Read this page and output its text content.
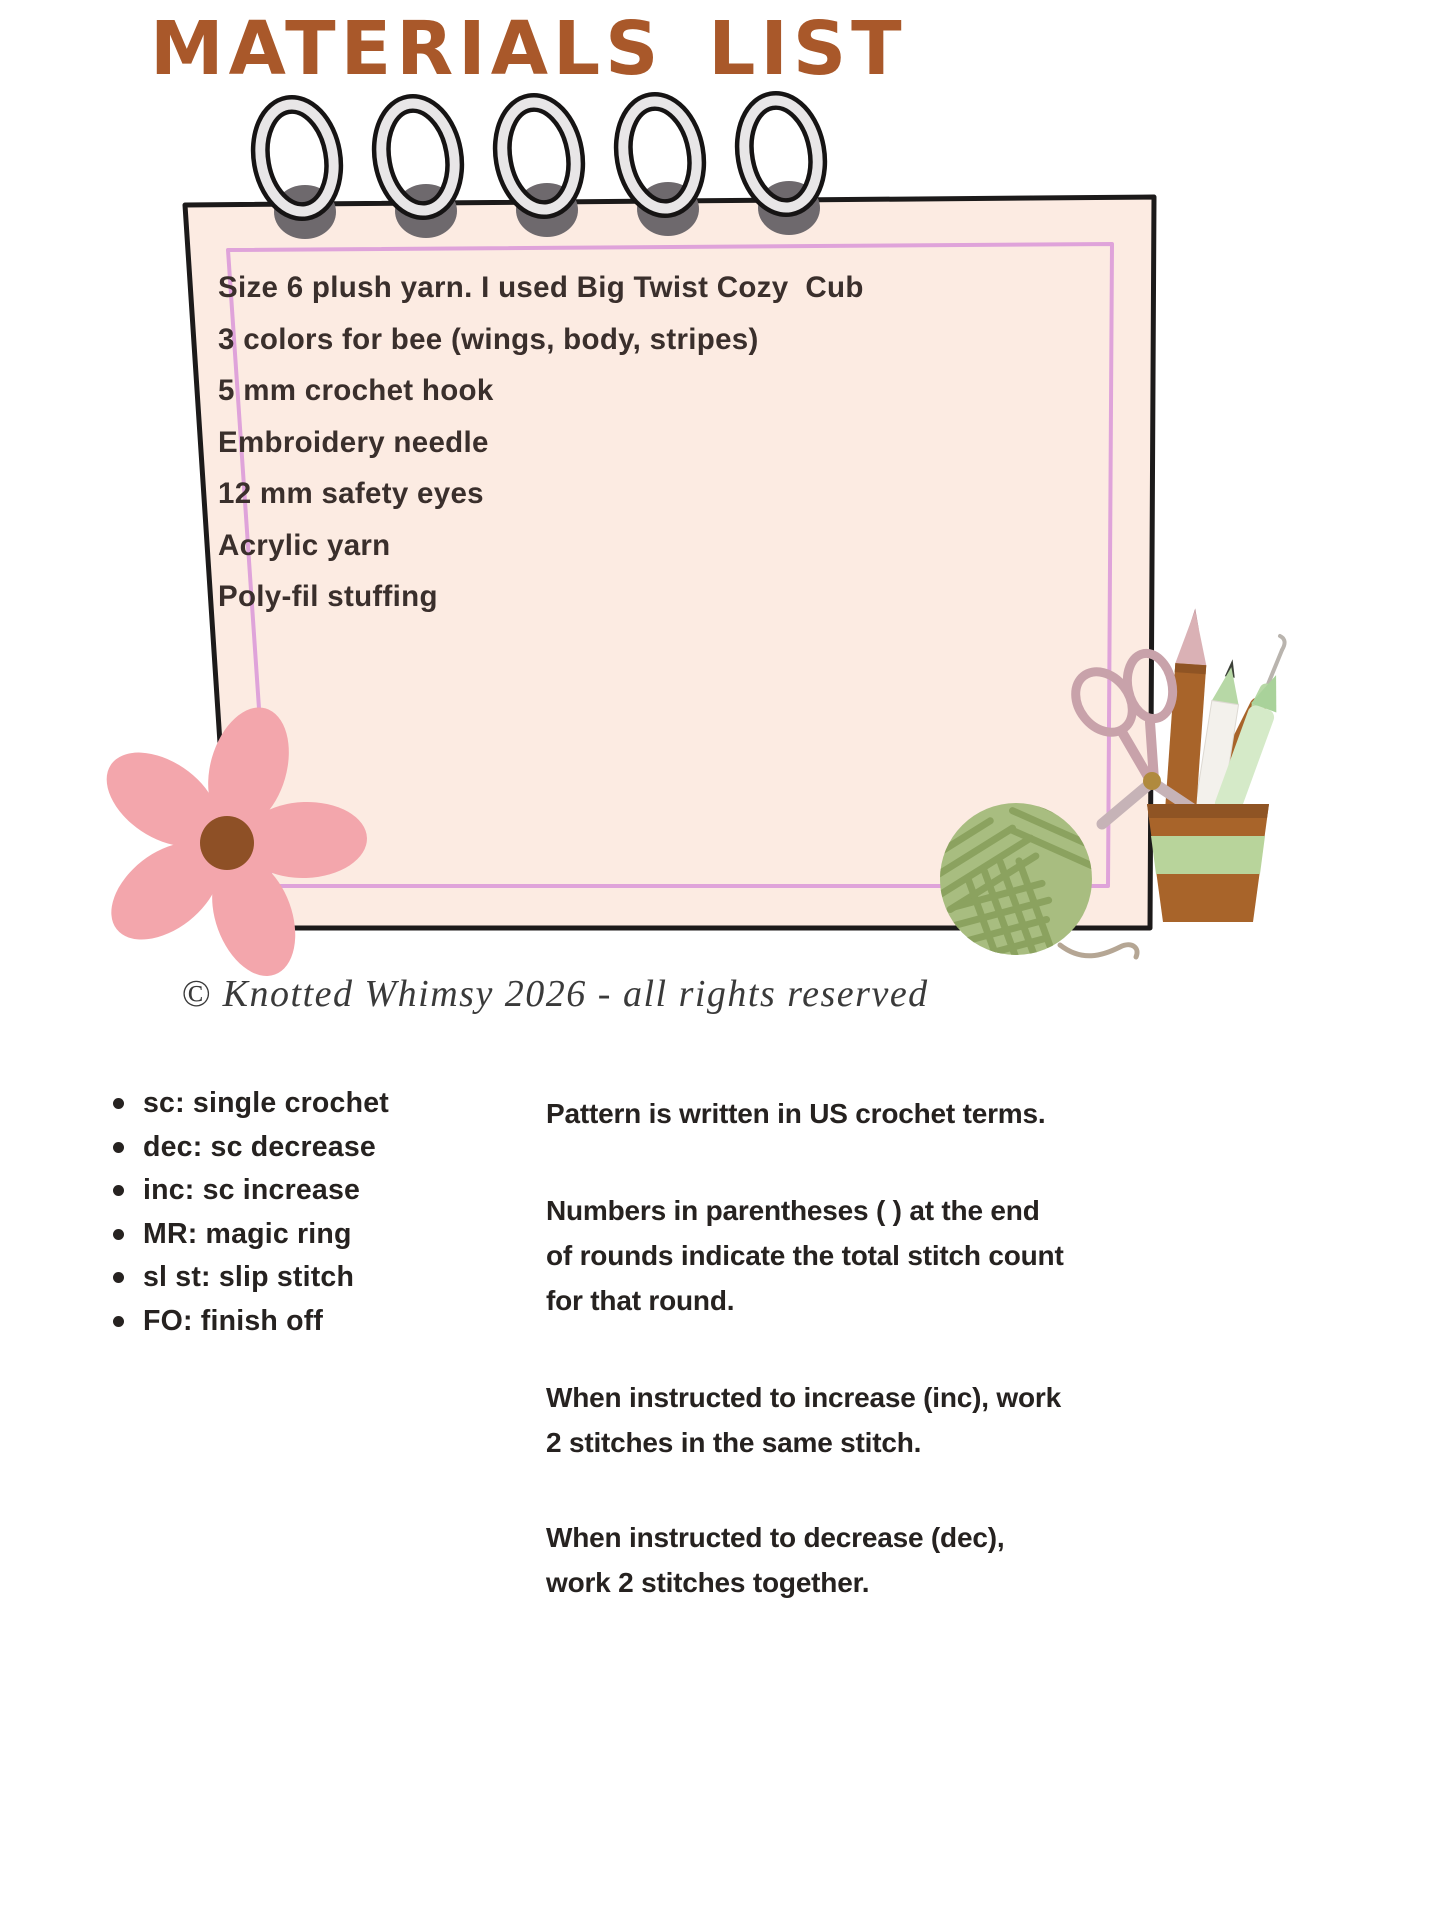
MATERIALS LIST
Size 6 plush yarn. I used Big Twist Cozy  Cub
3 colors for bee (wings, body, stripes)
5 mm crochet hook
Embroidery needle
12 mm safety eyes
Acrylic yarn
Poly-fil stuffing
© Knotted Whimsy 2026 - all rights reserved
sc: single crochet
dec: sc decrease
inc: sc increase
MR: magic ring
sl st: slip stitch
FO: finish off
Pattern is written in US crochet terms.
Numbers in parentheses ( ) at the end
of rounds indicate the total stitch count
for that round.
When instructed to increase (inc), work
2 stitches in the same stitch.
When instructed to decrease (dec),
work 2 stitches together.
